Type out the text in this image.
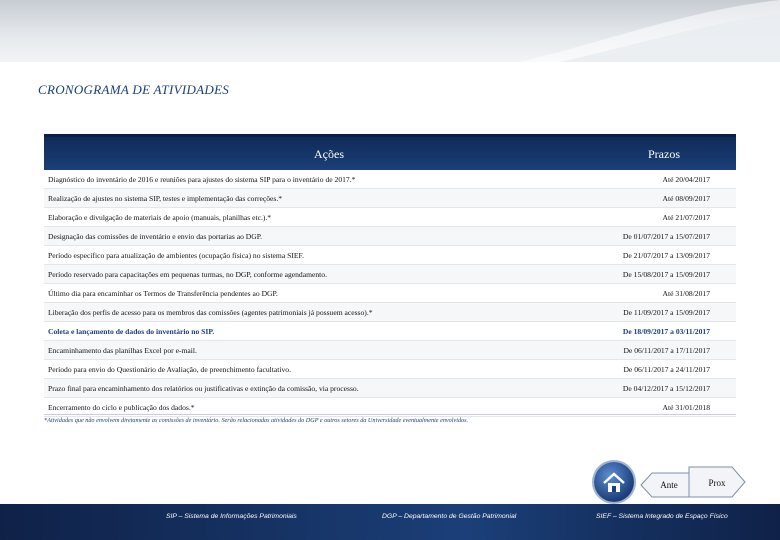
CRONOGRAMA DE ATIVIDADES
Ações	Prazos
Diagnóstico do inventário de 2016 e reuniões para ajustes do sistema SIP para o inventário de 2017.*	Até 20/04/2017
Realização de ajustes no sistema SIP, testes e implementação das correções.*	Até 08/09/2017
Elaboração e divulgação de materiais de apoio (manuais, planilhas etc.).*	Até 21/07/2017
Designação das comissões de inventário e envio das portarias ao DGP.	De 01/07/2017 a 15/07/2017
Período específico para atualização de ambientes (ocupação física) no sistema SIEF.	De 21/07/2017 a 13/09/2017
Período reservado para capacitações em pequenas turmas, no DGP, conforme agendamento.	De 15/08/2017 a 15/09/2017
Último dia para encaminhar os Termos de Transferência pendentes ao DGP.	Até 31/08/2017
Liberação dos perfis de acesso para os membros das comissões (agentes patrimoniais já possuem acesso).*	De 11/09/2017 a 15/09/2017
Coleta e lançamento de dados do inventário no SIP.	De 18/09/2017 a 03/11/2017
Encaminhamento das planilhas Excel por e-mail.	De 06/11/2017 a 17/11/2017
Período para envio do Questionário de Avaliação, de preenchimento facultativo.	De 06/11/2017 a 24/11/2017
Prazo final para encaminhamento dos relatórios ou justificativas e extinção da comissão, via processo.	De 04/12/2017 a 15/12/2017
Encerramento do ciclo e publicação dos dados.*	Até 31/01/2018
*Atividades que não envolvem diretamente as comissões de inventário. Serão relacionadas atividades do DGP e outros setores da Universidade eventualmente envolvidos.
Ante	Prox
SIP – Sistema de Informações Patrimoniais	DGP – Departamento de Gestão Patrimonial	SIEF – Sistema Integrado de Espaço Físico
